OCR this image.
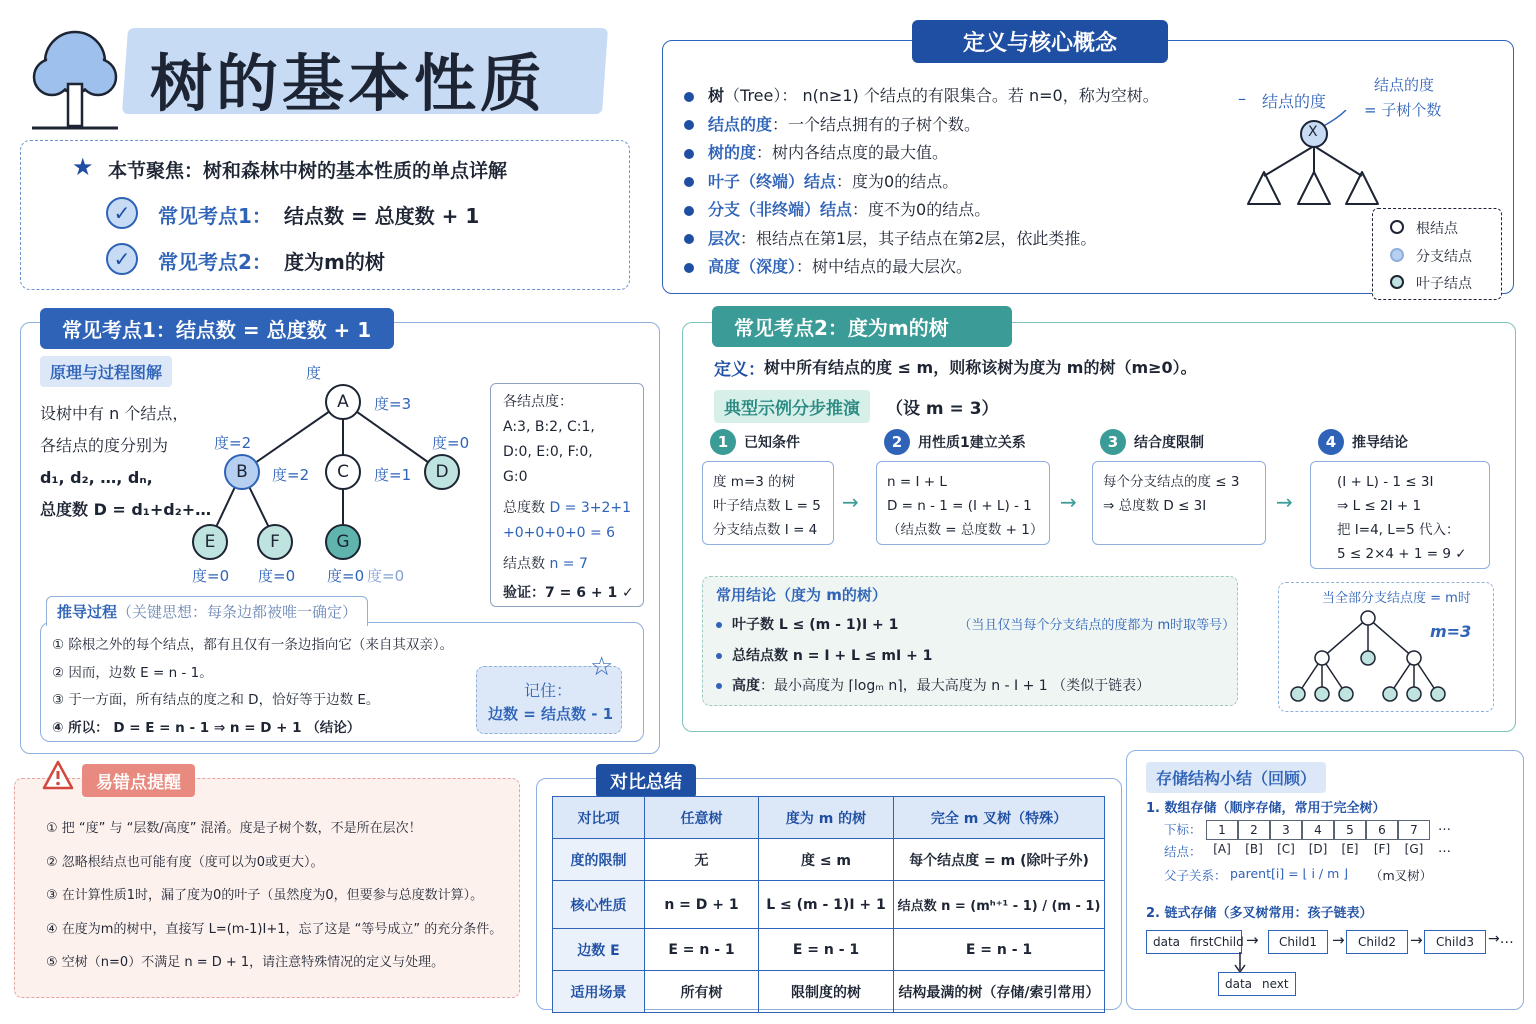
树的基本性质
★ 本节聚焦：树和森林中树的基本性质的单点详解
✓	常见考点1： 结点数 = 总度数 + 1
✓	常见考点2： 度为m的树
定义与核心概念
树（Tree）： n(n≥1) 个结点的有限集合。若 n=0，称为空树。
结点的度：一个结点拥有的子树个数。
树的度：树内各结点度的最大值。
叶子（终端）结点：度为0的结点。
分支（非终端）结点：度不为0的结点。
层次：根结点在第1层，其子结点在第2层，依此类推。
高度（深度）：树中结点的最大层次。
结点的度
–
结点的度
= 子树个数
X
根结点
分支结点
叶子结点
常见考点1：结点数 = 总度数 + 1
原理与过程图解
设树中有 n 个结点，
各结点的度分别为
d₁, d₂, …, dₙ,
总度数 D = d₁+d₂+…
度
A
B	C	D
E	F	G
度=3
度=2
度=2	度=1
度=0
度=0 度=0 度=0 度=0
各结点度：
A:3, B:2, C:1,
D:0, E:0, F:0,
G:0
总度数 D = 3+2+1
+0+0+0+0 = 6
结点数 n = 7
验证：7 = 6 + 1 ✓
推导过程（关键思想：每条边都被唯一确定）
① 除根之外的每个结点，都有且仅有一条边指向它（来自其双亲）。
② 因而，边数 E = n - 1。
③ 于一方面，所有结点的度之和 D，恰好等于边数 E。
④ 所以： D = E = n - 1 ⇒ n = D + 1 （结论）
☆
记住：
边数 = 结点数 - 1
常见考点2：度为m的树
定义： 树中所有结点的度 ≤ m，则称该树为度为 m的树（m≥0）。
典型示例分步推演	（设 m = 3）
1 已知条件
度 m=3 的树
叶子结点数 L = 5
分支结点数 I = 4
→
2 用性质1建立关系
n = I + L
D = n - 1 = (I + L) - 1
（结点数 = 总度数 + 1）
→
3 结合度限制
每个分支结点的度 ≤ 3
⇒ 总度数 D ≤ 3I	→
4 推导结论
(I + L) - 1 ≤ 3I
⇒ L ≤ 2I + 1
把 I=4, L=5 代入：
5 ≤ 2×4 + 1 = 9 ✓
常用结论（度为 m的树）
叶子数 L ≤ (m - 1)I + 1	（当且仅当每个分支结点的度都为 m时取等号）
总结点数 n = I + L ≤ mI + 1
高度：最小高度为 ⌈logₘ n⌉，最大高度为 n - I + 1 （类似于链表）
当全部分支结点度 = m时
m=3
易错点提醒
① 把 “度” 与 “层数/高度” 混淆。度是子树个数，不是所在层次！
② 忽略根结点也可能有度（度可以为0或更大）。
③ 在计算性质1时，漏了度为0的叶子（虽然度为0，但要参与总度数计算）。
④ 在度为m的树中，直接写 L=(m-1)I+1，忘了这是 “等号成立” 的充分条件。
⑤ 空树（n=0）不满足 n = D + 1，请注意特殊情况的定义与处理。
对比总结
对比项	任意树	度为 m 的树	完全 m 叉树（特殊）
度的限制	无	度 ≤ m	每个结点度 = m (除叶子外)
核心性质	n = D + 1	L ≤ (m - 1)I + 1	结点数 n = (mʰ⁺¹ - 1) / (m - 1)
边数 E	E = n - 1	E = n - 1	E = n - 1
适用场景	所有树	限制度的树	结构最满的树（存储/索引常用）
存储结构小结（回顾）
1. 数组存储（顺序存储，常用于完全树）
下标：	1 2 3 4 5 6 7	…
结点： [A] [B] [C] [D] [E] [F] [G]	…
父子关系： parent[i] = ⌊ i / m ⌋ （m叉树）
2. 链式存储（多叉树常用：孩子链表）
data firstChild →	Child1	→	Child2 →	Child3	→…
data next
